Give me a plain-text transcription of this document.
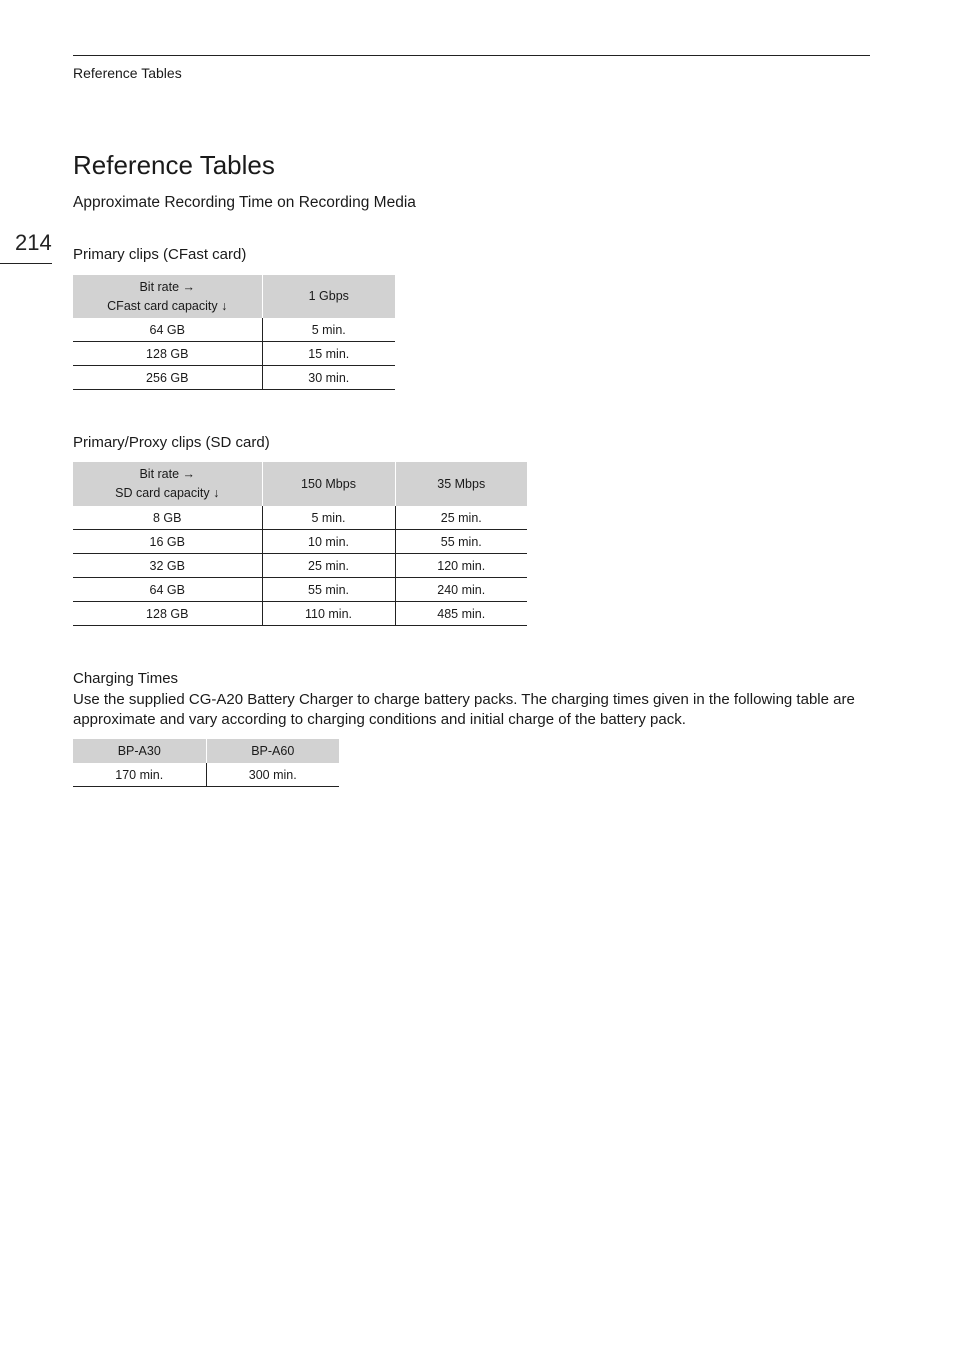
Reference Tables
214
Reference Tables
Approximate Recording Time on Recording Media
Primary clips (CFast card)
Bit rate →
CFast card capacity ↓	1 Gbps
64 GB	5 min.
128 GB	15 min.
256 GB	30 min.
Primary/Proxy clips (SD card)
Bit rate →
SD card capacity ↓	150 Mbps	35 Mbps
8 GB	5 min.	25 min.
16 GB	10 min.	55 min.
32 GB	25 min.	120 min.
64 GB	55 min.	240 min.
128 GB	110 min.	485 min.
Charging Times
Use the supplied CG-A20 Battery Charger to charge battery packs. The charging times given in the following table are approximate and vary according to charging conditions and initial charge of the battery pack.
BP-A30	BP-A60
170 min.	300 min.
